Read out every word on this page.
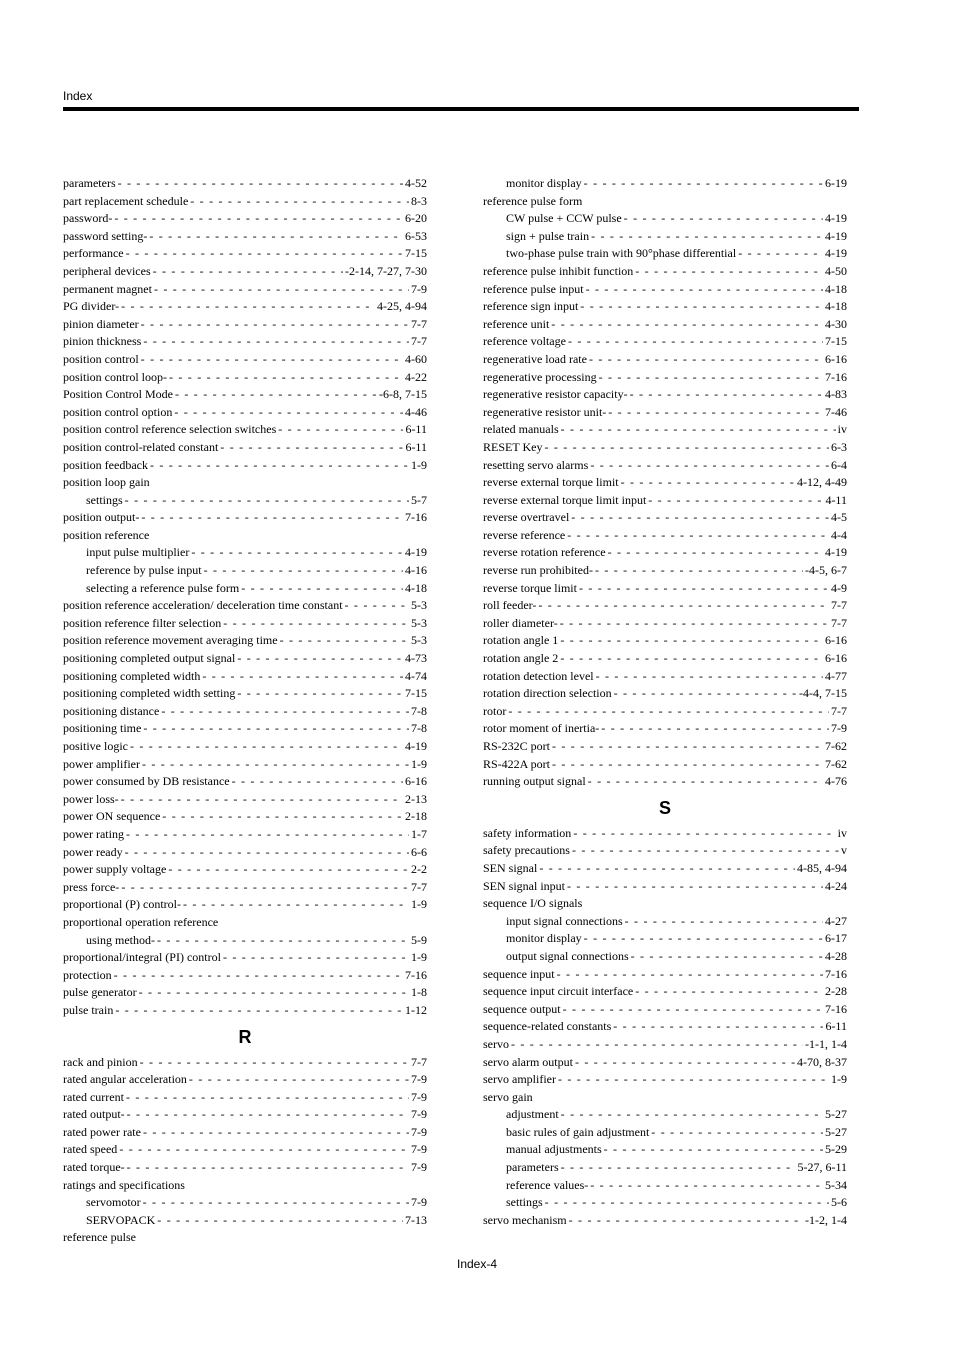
Index
parameters - - -	4-52
part replacement schedule - - -	8-3
password- - - -	6-20
password setting- - - -	6-53
performance - - -	7-15
peripheral devices - - -	-2-14, 7-27, 7-30
permanent magnet - - -	7-9
PG divider- - - -	4-25, 4-94
pinion diameter - - -	7-7
pinion thickness - - -	7-7
position control - - -	4-60
position control loop- - - -	4-22
Position Control Mode - - -	-6-8, 7-15
position control option - - -	4-46
position control reference selection switches - - -	6-11
position control-related constant - - -	6-11
position feedback - - -	1-9
position loop gain
settings - - -	5-7
position output- - - -	7-16
position reference
input pulse multiplier - - -	4-19
reference by pulse input - - -	4-16
selecting a reference pulse form - - -	4-18
position reference acceleration/ deceleration time constant - - -	5-3
position reference filter selection - - -	5-3
position reference movement averaging time - - -	5-3
positioning completed output signal - - -	4-73
positioning completed width - - -	4-74
positioning completed width setting - - -	7-15
positioning distance - - -	7-8
positioning time - - -	7-8
positive logic - - -	4-19
power amplifier - - -	1-9
power consumed by DB resistance - - -	6-16
power loss- - - -	2-13
power ON sequence - - -	2-18
power rating - - -	1-7
power ready - - -	6-6
power supply voltage - - -	2-2
press force- - - -	7-7
proportional (P) control- - - -	1-9
proportional operation reference
using method- - - -	5-9
proportional/integral (PI) control - - -	1-9
protection - - -	7-16
pulse generator - - -	1-8
pulse train - - -	1-12
R
rack and pinion - - -	7-7
rated angular acceleration - - -	7-9
rated current - - -	7-9
rated output- - - -	7-9
rated power rate - - -	7-9
rated speed - - -	7-9
rated torque- - - -	7-9
ratings and specifications
servomotor - - -	7-9
SERVOPACK - - -	7-13
reference pulse
monitor display - - -	6-19
reference pulse form
CW pulse + CCW pulse - - -	4-19
sign + pulse train - - -	4-19
two-phase pulse train with 90°phase differential - - -	4-19
reference pulse inhibit function - - -	4-50
reference pulse input - - -	4-18
reference sign input - - -	4-18
reference unit - - -	4-30
reference voltage - - -	7-15
regenerative load rate - - -	6-16
regenerative processing - - -	7-16
regenerative resistor capacity- - - -	4-83
regenerative resistor unit- - - -	7-46
related manuals - - -	iv
RESET Key - - -	6-3
resetting servo alarms - - -	6-4
reverse external torque limit - - -	4-12, 4-49
reverse external torque limit input - - -	4-11
reverse overtravel - - -	4-5
reverse reference - - -	4-4
reverse rotation reference - - -	4-19
reverse run prohibited- - - -	-4-5, 6-7
reverse torque limit - - -	4-9
roll feeder- - - -	7-7
roller diameter- - - -	7-7
rotation angle 1 - - -	6-16
rotation angle 2 - - -	6-16
rotation detection level - - -	4-77
rotation direction selection - - -	-4-4, 7-15
rotor - - -	7-7
rotor moment of inertia- - - -	7-9
RS-232C port - - -	7-62
RS-422A port - - -	7-62
running output signal - - -	4-76
S
safety information - - -	iv
safety precautions - - -	v
SEN signal - - -	4-85, 4-94
SEN signal input - - -	4-24
sequence I/O signals
input signal connections - - -	4-27
monitor display - - -	6-17
output signal connections - - -	4-28
sequence input - - -	7-16
sequence input circuit interface - - -	2-28
sequence output - - -	7-16
sequence-related constants - - -	6-11
servo - - -	-1-1, 1-4
servo alarm output - - -	4-70, 8-37
servo amplifier - - -	1-9
servo gain
adjustment - - -	5-27
basic rules of gain adjustment - - -	5-27
manual adjustments - - -	5-29
parameters - - -	5-27, 6-11
reference values- - - -	5-34
settings - - -	5-6
servo mechanism - - -	-1-2, 1-4
Index-4
